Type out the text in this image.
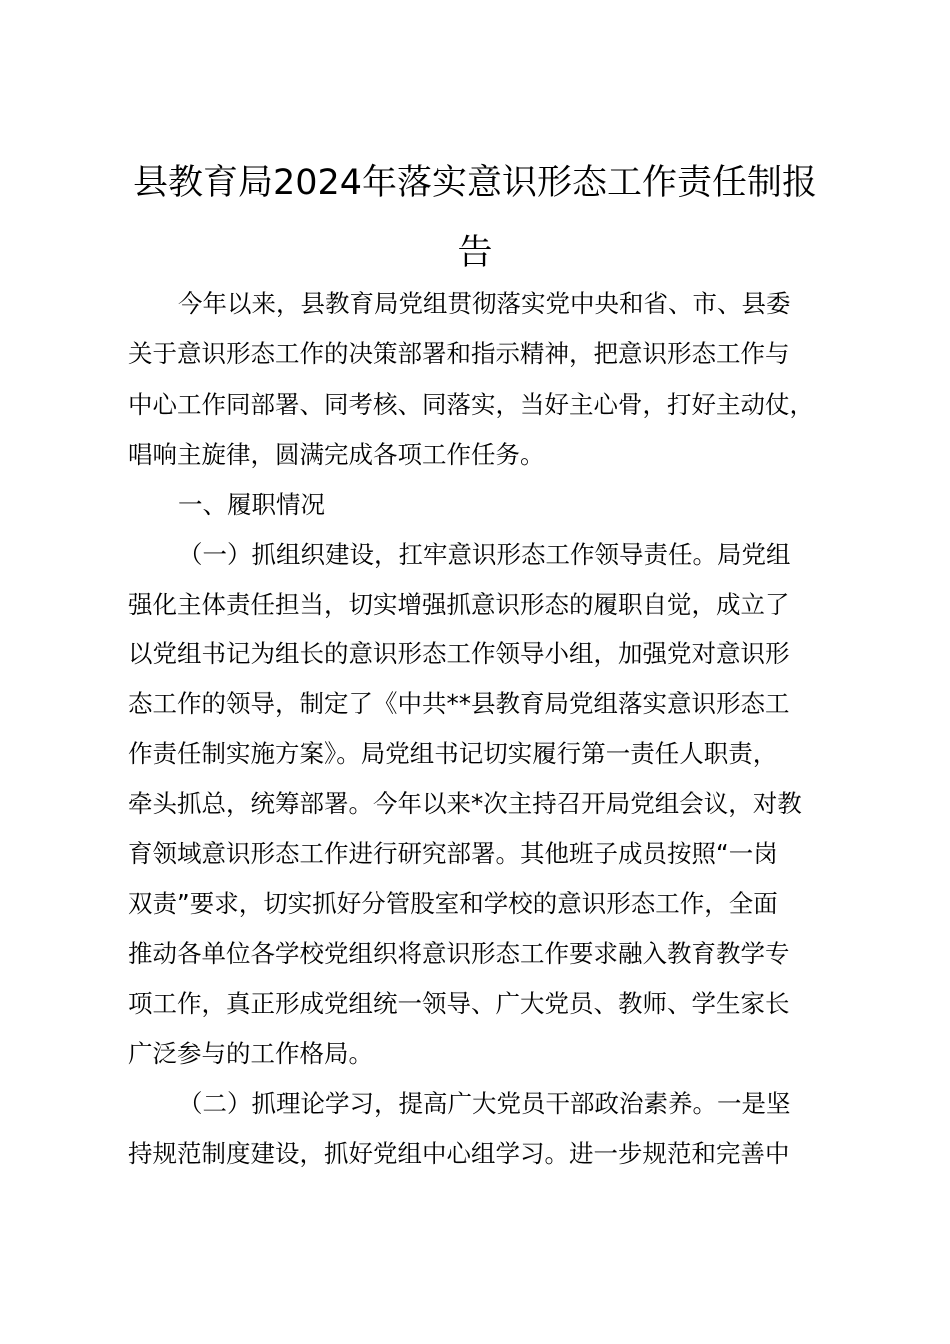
县教育局2024年落实意识形态工作责任制报
告

今年以来，县教育局党组贯彻落实党中央和省、市、县委

关于意识形态工作的决策部署和指示精神，把意识形态工作与

中心工作同部署、同考核、同落实，当好主心骨，打好主动仗，

唱响主旋律，圆满完成各项工作任务。

一、履职情况

（一）抓组织建设，扛牢意识形态工作领导责任。局党组

强化主体责任担当，切实增强抓意识形态的履职自觉，成立了

以党组书记为组长的意识形态工作领导小组，加强党对意识形

态工作的领导，制定了《中共**县教育局党组落实意识形态工

作责任制实施方案》。局党组书记切实履行第一责任人职责，

牵头抓总，统筹部署。今年以来*次主持召开局党组会议，对教

育领域意识形态工作进行研究部署。其他班子成员按照“一岗

双责”要求，切实抓好分管股室和学校的意识形态工作，全面

推动各单位各学校党组织将意识形态工作要求融入教育教学专

项工作，真正形成党组统一领导、广大党员、教师、学生家长

广泛参与的工作格局。

（二）抓理论学习，提高广大党员干部政治素养。一是坚

持规范制度建设，抓好党组中心组学习。进一步规范和完善中
